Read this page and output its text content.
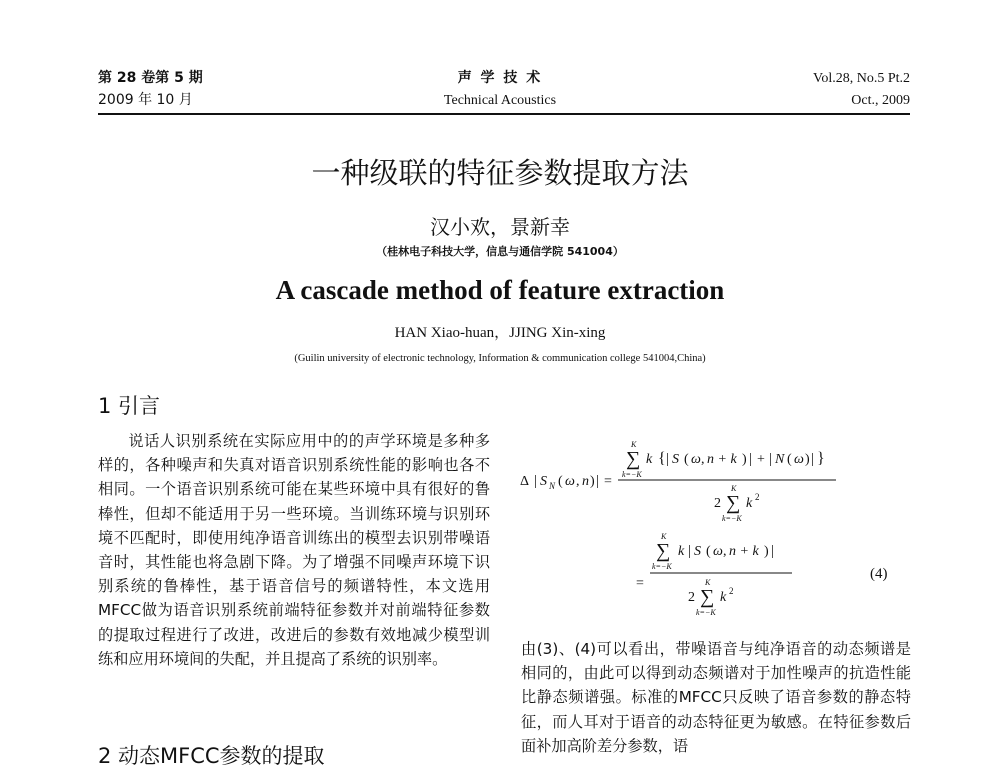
第 28 卷第 5 期
2009 年 10 月
声 学 技 术
Technical Acoustics
Vol.28, No.5 Pt.2
Oct., 2009
一种级联的特征参数提取方法
汉小欢，景新幸
（桂林电子科技大学，信息与通信学院 541004）
A cascade method of feature extraction
HAN Xiao-huan，JJING Xin-xing
(Guilin university of electronic technology, Information & communication college 541004,China)
1 引言

说话人识别系统在实际应用中的的声学环境是多种多样的，各种噪声和失真对语音识别系统性能的影响也各不相同。一个语音识别系统可能在某些环境中具有很好的鲁棒性，但却不能适用于另一些环境。当训练环境与识别环境不匹配时，即使用纯净语音训练出的模型去识别带噪语音时，其性能也将急剧下降。为了增强不同噪声环境下识别系统的鲁棒性，基于语音信号的频谱特性，本文选用MFCC做为语音识别系统前端特征参数并对前端特征参数的提取过程进行了改进，改进后的参数有效地减少模型训练和应用环境间的失配，并且提高了系统的识别率。

2 动态MFCC参数的提取
Δ | S N ( ω , n ) | =
∑
K
k=−K
k { | S ( ω , n + k ) | + | N ( ω ) | }
2 ∑
K
k=−K
k 2
=
∑
K
k=−K
k | S ( ω , n + k ) |
2 ∑
K
k=−K
k 2
(4)

由(3)、(4)可以看出，带噪语音与纯净语音的动态频谱是相同的，由此可以得到动态频谱对于加性噪声的抗造性能比静态频谱强。标准的MFCC只反映了语音参数的静态特征，而人耳对于语音的动态特征更为敏感。在特征参数后面补加高阶差分参数，语
